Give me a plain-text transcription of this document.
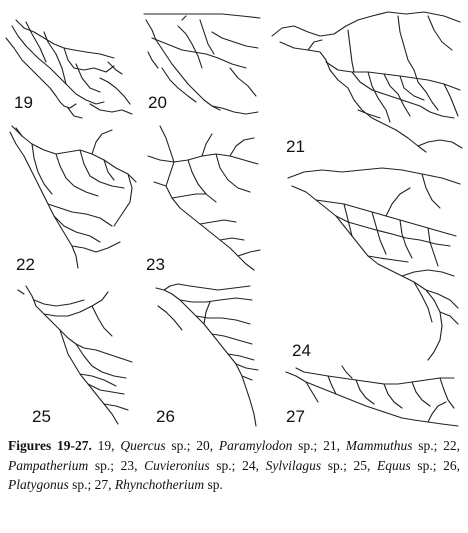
19	20
21
22	23
24
25	26	27
Figures 19-27. 19, Quercus sp.; 20, Paramylodon sp.; 21, Mammuthus sp.; 22, Pampatherium sp.; 23, Cuvieronius sp.; 24, Sylvilagus sp.; 25, Equus sp.; 26, Platygonus sp.; 27, Rhynchotherium sp.
